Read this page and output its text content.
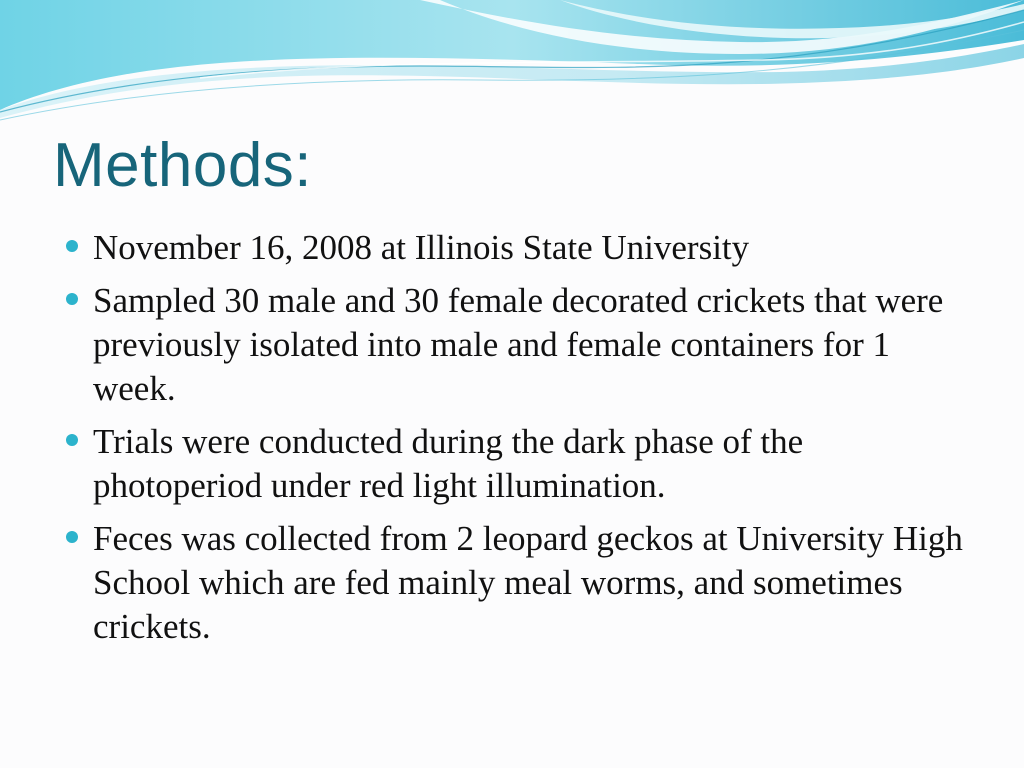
Methods:
November 16, 2008 at Illinois State University
Sampled 30 male and 30 female decorated crickets that were previously isolated into male and female containers for 1 week.
Trials were conducted during the dark phase of the photoperiod under red light illumination.
Feces was collected from 2 leopard geckos at University High School which are fed mainly meal worms, and sometimes crickets.
